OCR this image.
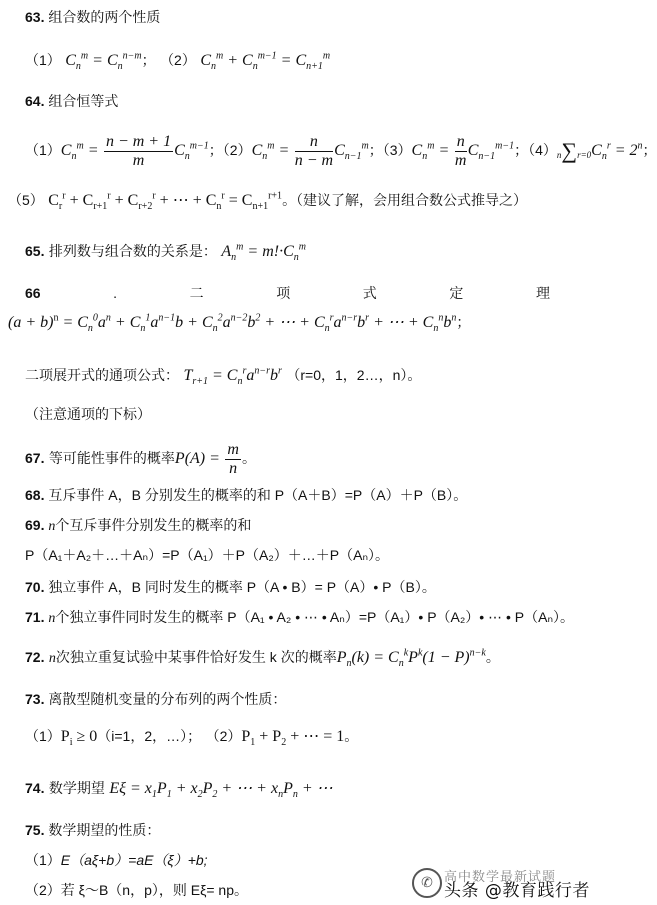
63. 组合数的两个性质
（1） $C_n^m = C_n^{n-m}$； （2） $C_n^m + C_n^{m-1} = C_{n+1}^m$
64. 组合恒等式
$(1)C_n^m = \frac{n - m + 1}{m} C_n^{m-1}$；$(2)C_n^m = \frac{n}{n - m} C_{n-1}^m$；$(3)C_n^m = \frac{n}{m} C_{n-1}^{m-1}$；$(4)n\sum r=0C_n^r = 2^n$；
（5） $C_r^r + C_{r+1}^r + C_{r+2}^r$ + ⋯ + $C_n^r = C_{n+1}^{r+1}$。（建议了解，会用组合数公式推导之）
65. 排列数与组合数的关系是： $A_n^m = m!\cdot C_n^m$
66	.	二	项	式	定	理
$(a + b)^n = C_n^0a^n + C_n^1a^{n-1}b + C_n^2a^{n-2}b^2$ + ⋯ + $C_n^ra^{n-r}b^r$ + ⋯ + $C_n^nb^n$；
二项展开式的通项公式： $T_{r+1} = C_n^ra^{n-r}b^r$ （r=0，1，2…，n）。
（注意通项的下标）
67. 等可能性事件的概率$P(A) = \frac{m}{n}$ 。
68. 互斥事件 A，B 分别发生的概率的和 P（A＋B）=P（A）＋P（B）。
69. n个互斥事件分别发生的概率的和
P（A₁＋A₂＋…＋Aₙ）=P（A₁）＋P（A₂）＋…＋P（Aₙ）。
70. 独立事件 A，B 同时发生的概率 P（A • B）= P（A）• P（B）。
71. n个独立事件同时发生的概率 P（A₁ • A₂ • ⋯ • Aₙ）=P（A₁）• P（A₂）• ⋯ • P（Aₙ）。
72. n次独立重复试验中某事件恰好发生 k 次的概率$P_n(k) = C_n^kP^k(1 - P)^{n-k}$。
73. 离散型随机变量的分布列的两个性质：
$(1)P_i \ge 0(i=1$，2，…）； $(2)P_1 + P_2$ + ⋯ = 1。
74. 数学期望 $E\xi = x_1P_1 + x_2P_2$ + ⋯ + $x_nP_n$ + ⋯
75. 数学期望的性质：
（1）E（aξ+b）=aE（ξ）+b;
（2）若 ξ～B（n，p），则 Eξ= np。	✆ 高中数学最新试题
头条 @教育践行者
